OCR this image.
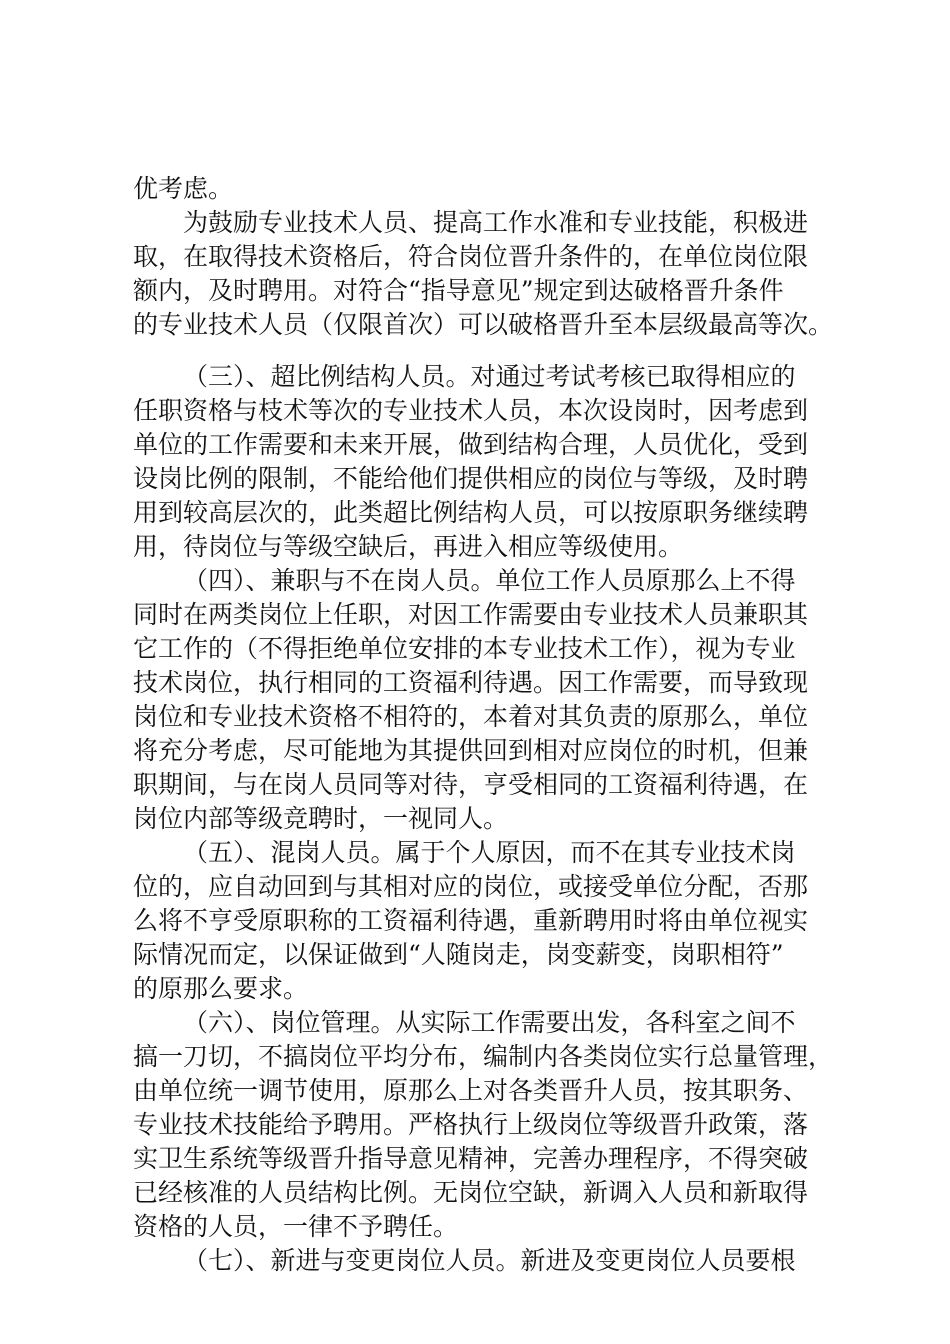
优考虑。
为鼓励专业技术人员、提高工作水准和专业技能，积极进
取，在取得技术资格后，符合岗位晋升条件的，在单位岗位限
额内，及时聘用。对符合“指导意见”规定到达破格晋升条件
的专业技术人员（仅限首次）可以破格晋升至本层级最高等次。
（三）、超比例结构人员。对通过考试考核已取得相应的
任职资格与枝术等次的专业技术人员，本次设岗时，因考虑到
单位的工作需要和未来开展，做到结构合理，人员优化，受到
设岗比例的限制，不能给他们提供相应的岗位与等级，及时聘
用到较高层次的，此类超比例结构人员，可以按原职务继续聘
用，待岗位与等级空缺后，再进入相应等级使用。
（四）、兼职与不在岗人员。单位工作人员原那么上不得
同时在两类岗位上任职，对因工作需要由专业技术人员兼职其
它工作的（不得拒绝单位安排的本专业技术工作），视为专业
技术岗位，执行相同的工资福利待遇。因工作需要，而导致现
岗位和专业技术资格不相符的，本着对其负责的原那么，单位
将充分考虑，尽可能地为其提供回到相对应岗位的时机，但兼
职期间，与在岗人员同等对待，亨受相同的工资福利待遇，在
岗位内部等级竞聘时，一视同人。
（五）、混岗人员。属于个人原因，而不在其专业技术岗
位的，应自动回到与其相对应的岗位，或接受单位分配，否那
么将不亨受原职称的工资福利待遇，重新聘用时将由单位视实
际情况而定，以保证做到“人随岗走，岗变薪变，岗职相符”
的原那么要求。
（六）、岗位管理。从实际工作需要出发，各科室之间不
搞一刀切，不搞岗位平均分布，编制内各类岗位实行总量管理，
由单位统一调节使用，原那么上对各类晋升人员，按其职务、
专业技术技能给予聘用。严格执行上级岗位等级晋升政策，落
实卫生系统等级晋升指导意见精神，完善办理程序，不得突破
已经核准的人员结构比例。无岗位空缺，新调入人员和新取得
资格的人员，一律不予聘任。
（七）、新进与变更岗位人员。新进及变更岗位人员要根
